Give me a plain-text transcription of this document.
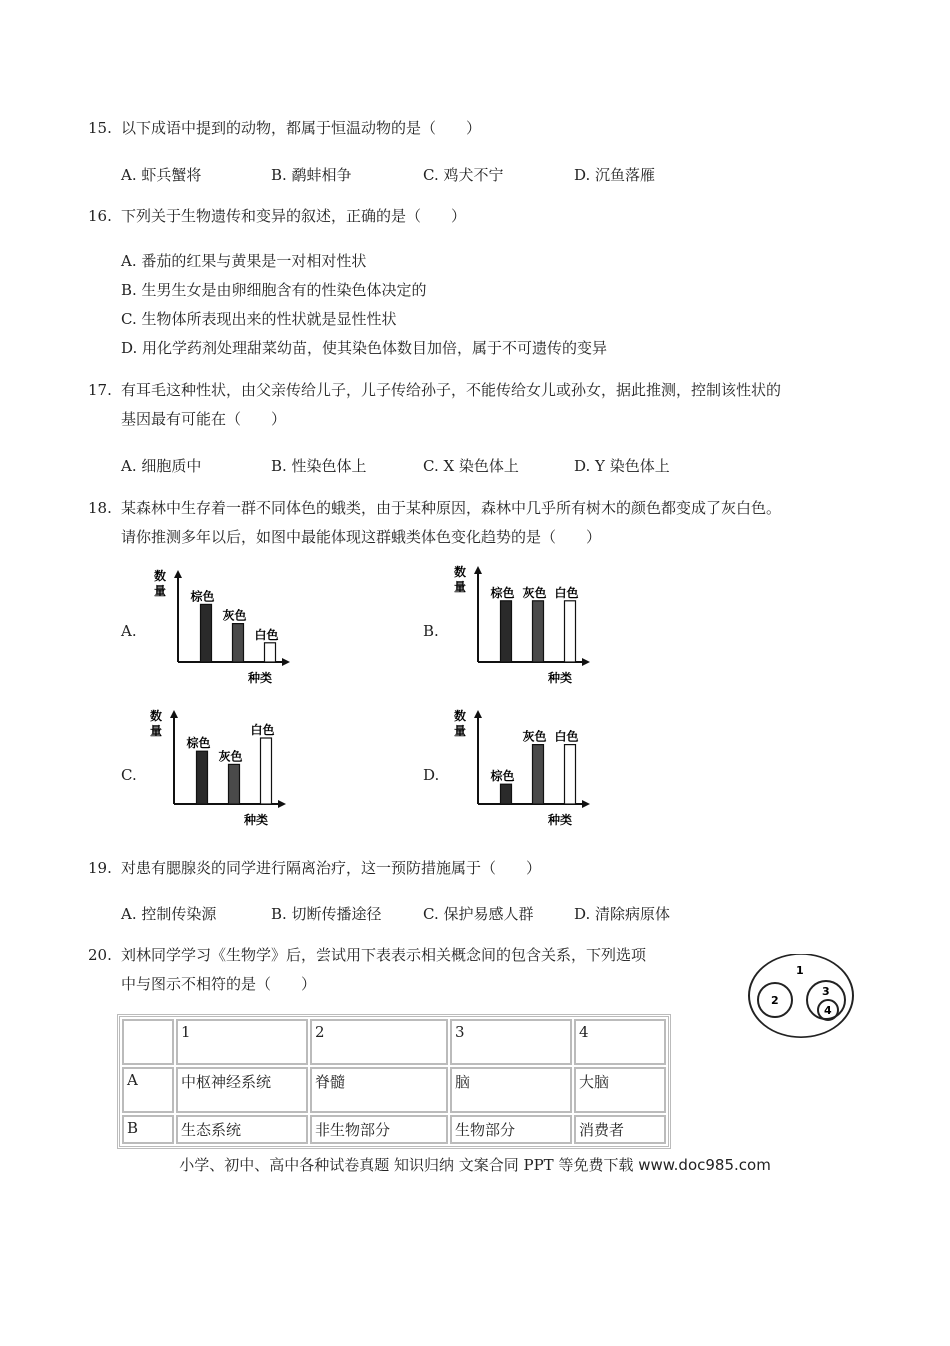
15. 以下成语中提到的动物，都属于恒温动物的是（　　）
A. 虾兵蟹将	B. 鹬蚌相争	C. 鸡犬不宁	D. 沉鱼落雁
16. 下列关于生物遗传和变异的叙述，正确的是（　　）
A. 番茄的红果与黄果是一对相对性状
B. 生男生女是由卵细胞含有的性染色体决定的
C. 生物体所表现出来的性状就是显性性状
D. 用化学药剂处理甜菜幼苗，使其染色体数目加倍，属于不可遗传的变异
17. 有耳毛这种性状，由父亲传给儿子，儿子传给孙子，不能传给女儿或孙女，据此推测，控制该性状的
基因最有可能在（　　）
A. 细胞质中	B. 性染色体上	C. X 染色体上	D. Y 染色体上
18. 某森林中生存着一群不同体色的蛾类，由于某种原因，森林中几乎所有树木的颜色都变成了灰白色。
请你推测多年以后，如图中最能体现这群蛾类体色变化趋势的是（　　）
A.	B.
C.	D.
数
量
种类
棕色
灰色
白色
数
量
种类
棕色 灰色 白色
数
量
种类
棕色
灰色
白色
数
量
种类
棕色
灰色 白色
19. 对患有腮腺炎的同学进行隔离治疗，这一预防措施属于（　　）
A. 控制传染源	B. 切断传播途径	C. 保护易感人群	D. 清除病原体
20. 刘林同学学习《生物学》后，尝试用下表表示相关概念间的包含关系，下列选项
中与图示不相符的是（　　）
1
2
3
4
	1	2	3	4
A	中枢神经系统	脊髓	脑	大脑
B	生态系统	非生物部分	生物部分	消费者
小学、初中、高中各种试卷真题 知识归纳 文案合同 PPT 等免费下载 www.doc985.com
